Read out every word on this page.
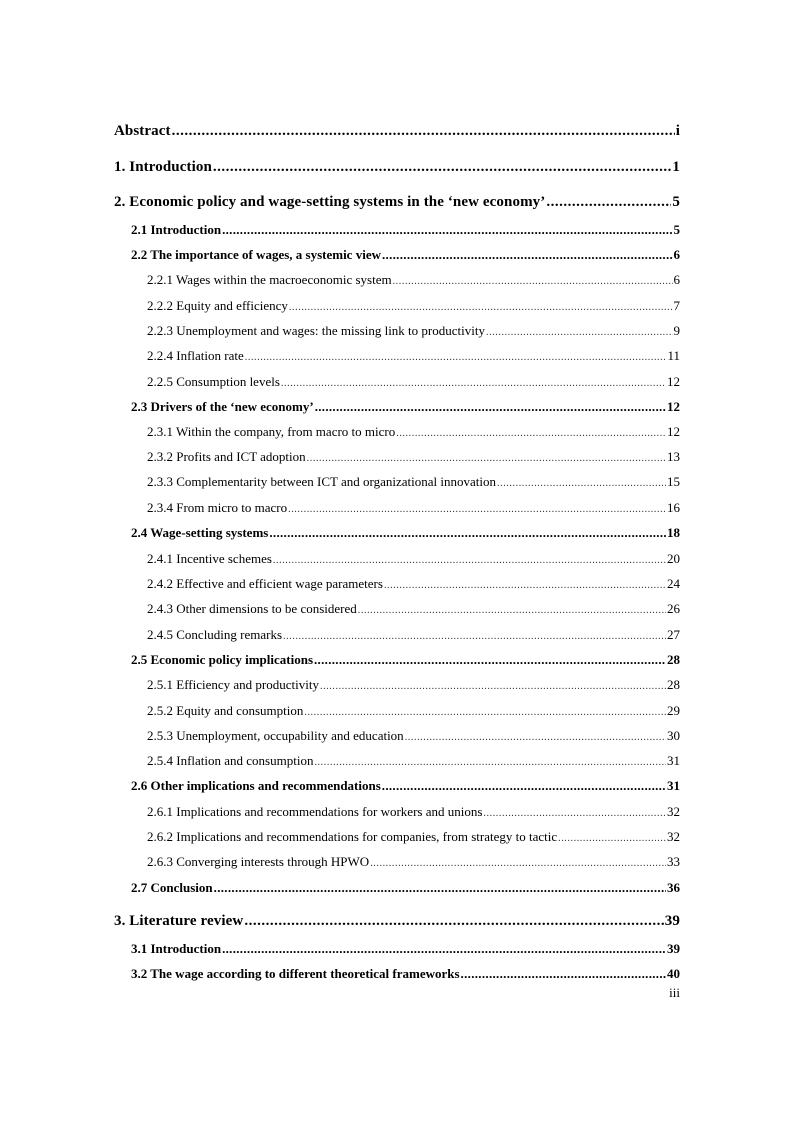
Abstract .....	i
1. Introduction .....	1
2. Economic policy and wage-setting systems in the ‘new economy’ .....	5
2.1 Introduction .....	5
2.2 The importance of wages, a systemic view .....	6
2.2.1 Wages within the macroeconomic system .....	6
2.2.2 Equity and efficiency .....	7
2.2.3 Unemployment and wages: the missing link to productivity .....	9
2.2.4 Inflation rate .....	11
2.2.5 Consumption levels .....	12
2.3 Drivers of the ‘new economy’ .....	12
2.3.1 Within the company, from macro to micro .....	12
2.3.2 Profits and ICT adoption .....	13
2.3.3 Complementarity between ICT and organizational innovation .....	15
2.3.4 From micro to macro .....	16
2.4 Wage-setting systems .....	18
2.4.1 Incentive schemes .....	20
2.4.2 Effective and efficient wage parameters .....	24
2.4.3 Other dimensions to be considered .....	26
2.4.5 Concluding remarks .....	27
2.5 Economic policy implications .....	28
2.5.1 Efficiency and productivity .....	28
2.5.2 Equity and consumption .....	29
2.5.3 Unemployment, occupability and education .....	30
2.5.4 Inflation and consumption .....	31
2.6 Other implications and recommendations .....	31
2.6.1 Implications and recommendations for workers and unions .....	32
2.6.2 Implications and recommendations for companies, from strategy to tactic .....	32
2.6.3 Converging interests through HPWO .....	33
2.7 Conclusion .....	36
3. Literature review .....	39
3.1 Introduction .....	39
3.2 The wage according to different theoretical frameworks .....	40
iii
